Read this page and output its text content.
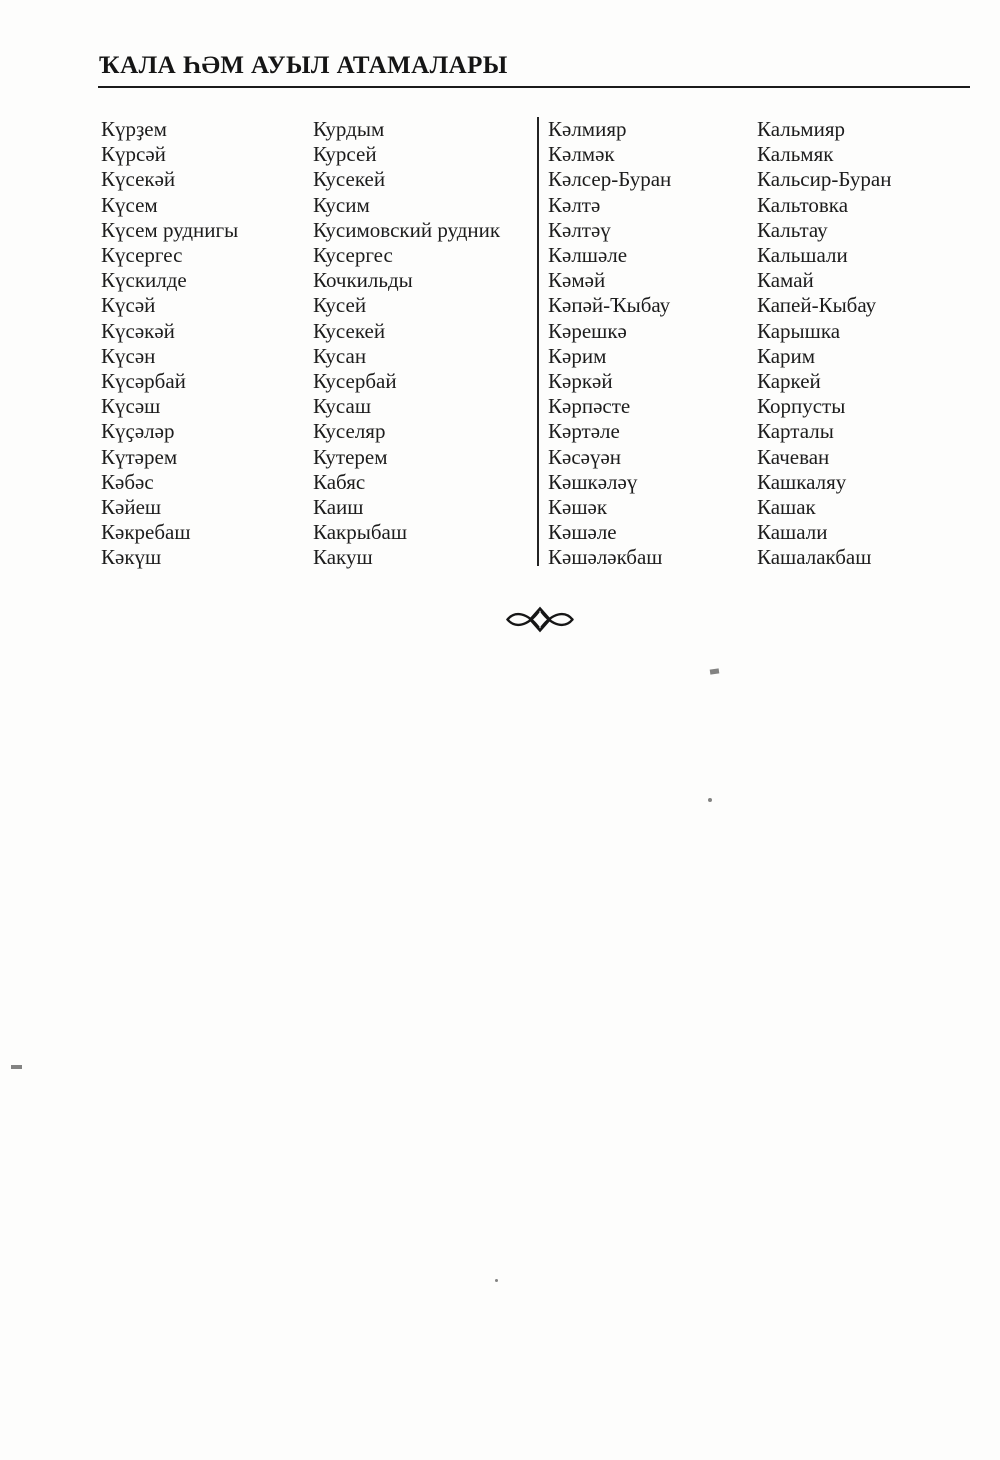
ҠАЛА ҺӘМ АУЫЛ АТАМАЛАРЫ
Күрҙем
Күрсәй
Күсекәй
Күсем
Күсем руднигы
Күсергес
Күскилде
Күсәй
Күсәкәй
Күсән
Күсәрбай
Күсәш
Күҫәләр
Күтәрем
Кәбәс
Кәйеш
Кәкребаш
Кәкүш
Курдым
Курсей
Кусекей
Кусим
Кусимовский рудник
Кусергес
Кочкильды
Кусей
Кусекей
Кусан
Кусербай
Кусаш
Куселяр
Кутерем
Кабяс
Каиш
Какрыбаш
Какуш
Кәлмияр
Кәлмәк
Кәлсер-Буран
Кәлтә
Кәлтәү
Кәлшәле
Кәмәй
Кәпәй-Ҡыбау
Кәрешкә
Кәрим
Кәркәй
Кәрпәсте
Кәртәле
Кәсәүән
Кәшкәләү
Кәшәк
Кәшәле
Кәшәләкбаш
Кальмияр
Кальмяк
Кальсир-Буран
Кальтовка
Кальтау
Кальшали
Камай
Капей-Кыбау
Карышка
Карим
Каркей
Корпусты
Карталы
Качеван
Кашкаляу
Кашак
Кашали
Кашалакбаш
